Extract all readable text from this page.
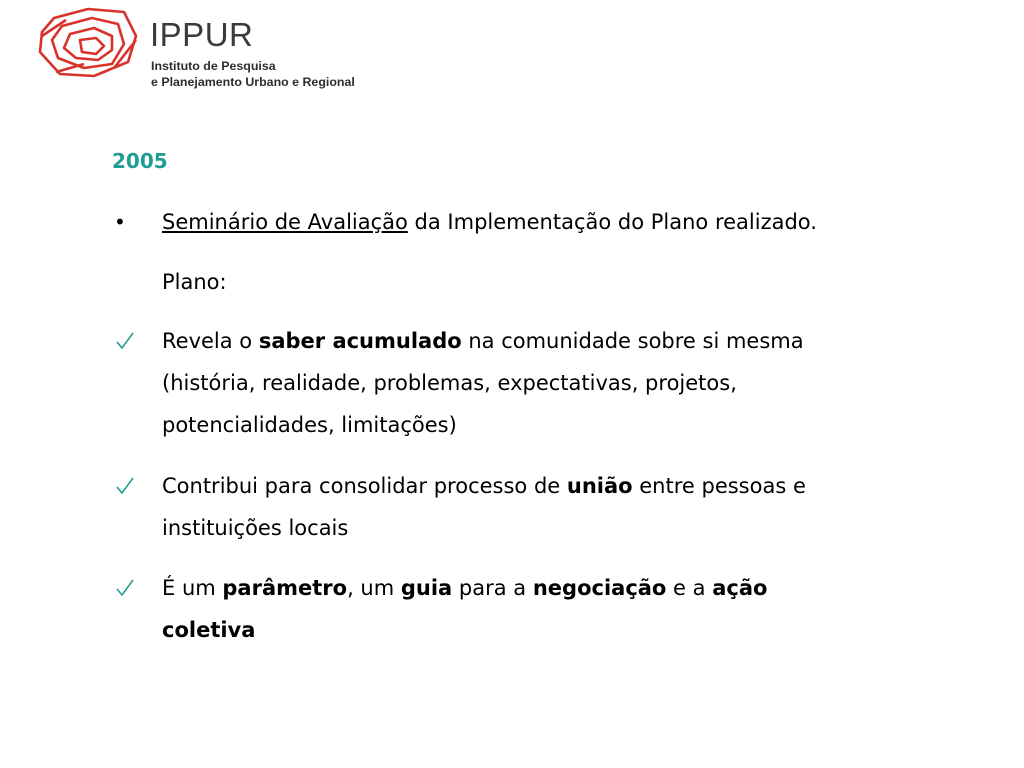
IPPUR
Instituto de Pesquisa
e Planejamento Urbano e Regional
2005
•	Seminário de Avaliação da Implementação do Plano realizado.
Plano:
Revela o saber acumulado na comunidade sobre si mesma
(história, realidade, problemas, expectativas, projetos,
potencialidades, limitações)
Contribui para consolidar processo de união entre pessoas e
instituições locais
É um parâmetro, um guia para a negociação e a ação
coletiva
